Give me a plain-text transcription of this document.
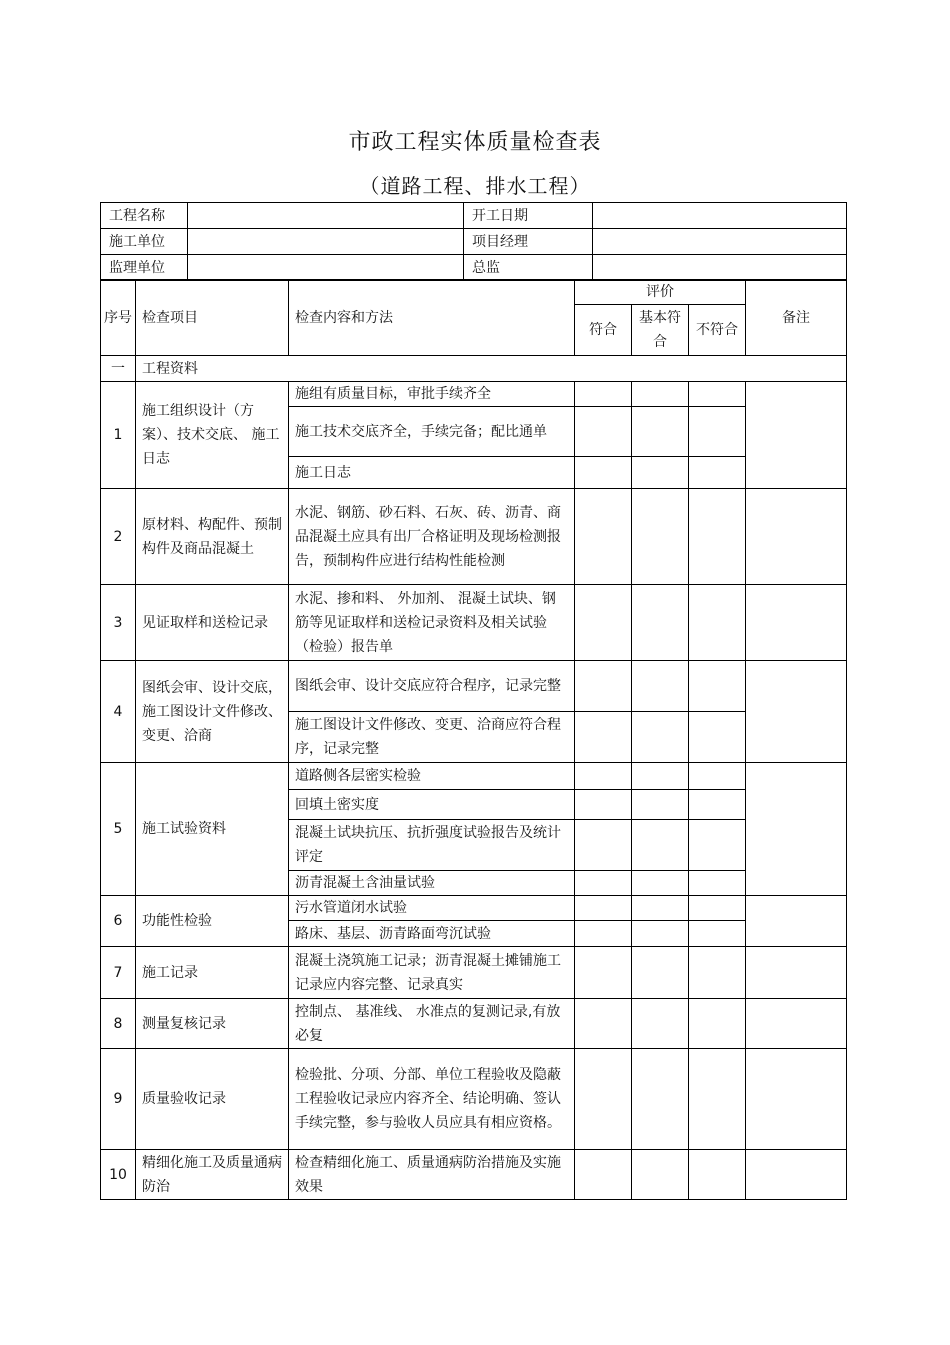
市政工程实体质量检查表
（道路工程、排水工程）
工程名称		开工日期	
施工单位		项目经理	
监理单位		总监	
序号	检查项目	检查内容和方法	评价			备注
			符合	基本符合	不符合	
一	工程资料					
1	施工组织设计（方案）、技术交底、 施工日志	施组有质量目标，审批手续齐全				
		施工技术交底齐全，手续完备；配比通单				
		施工日志				
2	原材料、构配件、预制构件及商品混凝土	水泥、钢筋、砂石料、石灰、砖、沥青、商品混凝土应具有出厂合格证明及现场检测报告，预制构件应进行结构性能检测				
3	见证取样和送检记录	水泥、掺和料、 外加剂、 混凝土试块、钢筋等见证取样和送检记录资料及相关试验（检验）报告单				
4	图纸会审、设计交底，施工图设计文件修改、变更、洽商	图纸会审、设计交底应符合程序，记录完整				
		施工图设计文件修改、变更、洽商应符合程序，记录完整				
5	施工试验资料	道路侧各层密实检验				
		回填土密实度				
		混凝土试块抗压、抗折强度试验报告及统计评定				
		沥青混凝土含油量试验				
6	功能性检验	污水管道闭水试验				
		路床、基层、沥青路面弯沉试验				
7	施工记录	混凝土浇筑施工记录；沥青混凝土摊铺施工记录应内容完整、记录真实				
8	测量复核记录	控制点、 基准线、 水准点的复测记录,有放必复				
9	质量验收记录	检验批、分项、分部、单位工程验收及隐蔽工程验收记录应内容齐全、结论明确、签认手续完整，参与验收人员应具有相应资格。				
10	精细化施工及质量通病防治	检查精细化施工、质量通病防治措施及实施效果				
